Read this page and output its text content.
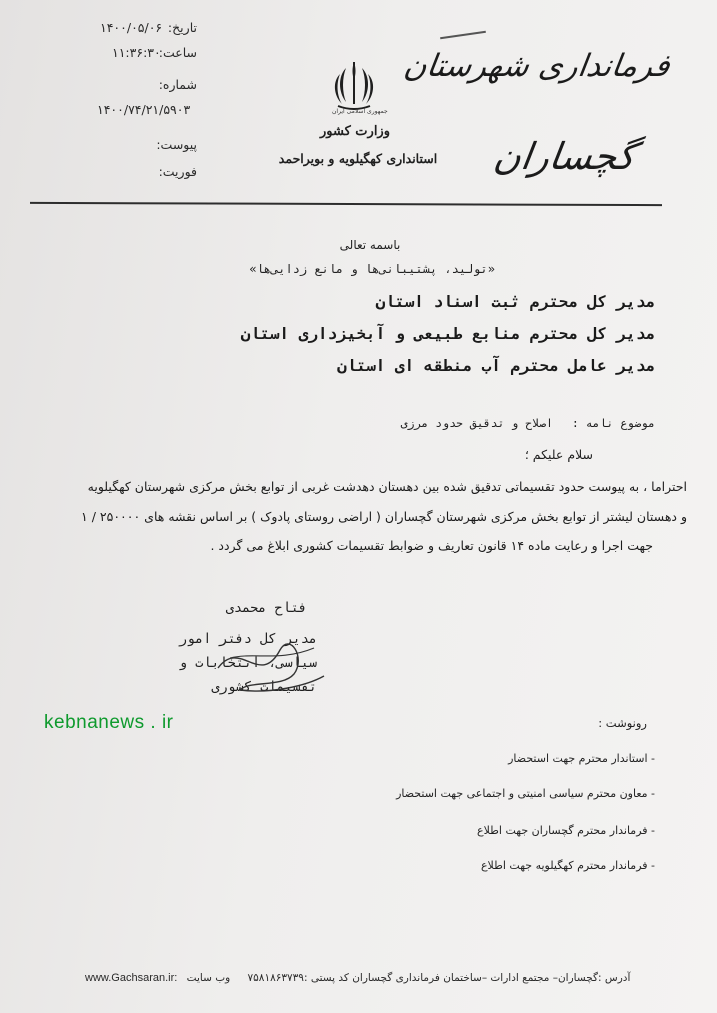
تاریخ:
۱۴۰۰/۰۵/۰۶
ساعت:
۱۱:۳۶:۳۰
شماره:
۱۴۰۰/۷۴/۲۱/۵۹۰۳
پیوست:
فوریت:
جمهوری اسلامی ایران
وزارت کشور
استانداری کهگیلویه و بویراحمد
فرمانداری شهرستان
گچساران
باسمه تعالی
«تولید، پشتیبانی‌ها و مانع زدایی‌ها»
مدیر کل محترم ثبت اسناد استان
مدیر کل محترم منابع طبیعی و آبخیزداری استان
مدیر عامل محترم آب منطقه ای استان
موضوع نامه : اصلاح و تدقیق حدود مرزی
سلام علیکم ؛
احتراما ، به پیوست حدود تقسیماتی تدقیق شده بین دهستان دهدشت غربی از توابع بخش مرکزی شهرستان کهگیلویه
و دهستان لیشتر از توابع بخش مرکزی شهرستان گچساران ( اراضی روستای پادوک ) بر اساس نقشه های ۲۵۰۰۰۰ / ۱
جهت اجرا و رعایت ماده ۱۴ قانون تعاریف و ضوابط تقسیمات کشوری ابلاغ می گردد .
فتاح محمدی
مدیر کل دفتر امور
سیاسی، انتخابات و
تقسیمات کشوری
kebnanews . ir	رونوشت :
- استاندار محترم جهت استحضار
- معاون محترم سیاسی امنیتی و اجتماعی جهت استحضار
- فرماندار محترم گچساران جهت اطلاع
- فرماندار محترم کهگیلویه جهت اطلاع
www.Gachsaran.ir: وب سایت آدرس :گچساران– مجتمع ادارات –ساختمان فرمانداری گچساران کد پستی :۷۵۸۱۸۶۳۷۳۹
